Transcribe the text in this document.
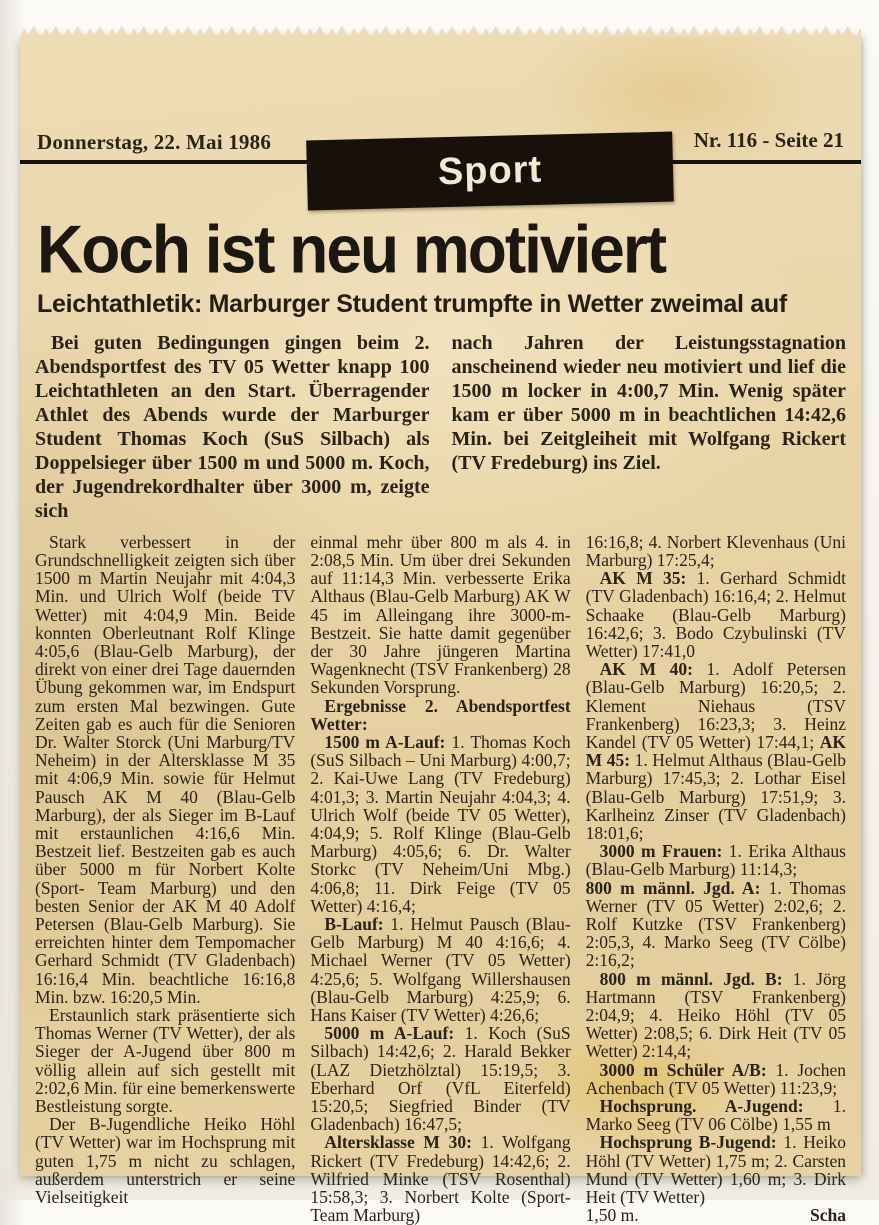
Donnerstag, 22. Mai 1986	Nr. 116 - Seite 21
Sport
Koch ist neu motiviert
Leichtathletik: Marburger Student trumpfte in Wetter zweimal auf

Bei guten Bedingungen gingen beim 2. Abendsportfest des TV 05 Wetter knapp 100 Leichtathleten an den Start. Überragender Athlet des Abends wurde der Marburger Student Thomas Koch (SuS Silbach) als Doppelsieger über 1500 m und 5000 m. Koch, der Jugendrekordhalter über 3000 m, zeigte sich

nach Jahren der Leistungsstagnation anscheinend wieder neu motiviert und lief die 1500 m locker in 4:00,7 Min. Wenig später kam er über 5000 m in beachtlichen 14:42,6 Min. bei Zeitgleiheit mit Wolfgang Rickert (TV Fredeburg) ins Ziel.

Stark verbessert in der Grundschnelligkeit zeigten sich über 1500 m Martin Neujahr mit 4:04,3 Min. und Ulrich Wolf (beide TV Wetter) mit 4:04,9 Min. Beide konnten Oberleutnant Rolf Klinge 4:05,6 (Blau-Gelb Marburg), der direkt von einer drei Tage dauernden Übung gekommen war, im Endspurt zum ersten Mal bezwingen. Gute Zeiten gab es auch für die Senioren Dr. Walter Storck (Uni Marburg/TV Neheim) in der Altersklasse M 35 mit 4:06,9 Min. sowie für Helmut Pausch AK M 40 (Blau-Gelb Marburg), der als Sieger im B-Lauf mit erstaunlichen 4:16,6 Min. Bestzeit lief. Bestzeiten gab es auch über 5000 m für Norbert Kolte (Sport- Team Marburg) und den besten Senior der AK M 40 Adolf Petersen (Blau-Gelb Marburg). Sie erreichten hinter dem Tempomacher Gerhard Schmidt (TV Gladenbach) 16:16,4 Min. beachtliche 16:16,8 Min. bzw. 16:20,5 Min.

Erstaunlich stark präsentierte sich Thomas Werner (TV Wetter), der als Sieger der A-Jugend über 800 m völlig allein auf sich gestellt mit 2:02,6 Min. für eine bemerkenswerte Bestleistung sorgte.

Der B-Jugendliche Heiko Höhl (TV Wetter) war im Hochsprung mit guten 1,75 m nicht zu schlagen, außerdem unterstrich er seine Vielseitigkeit

einmal mehr über 800 m als 4. in 2:08,5 Min. Um über drei Sekunden auf 11:14,3 Min. verbesserte Erika Althaus (Blau-Gelb Marburg) AK W 45 im Alleingang ihre 3000-m-Bestzeit. Sie hatte damit gegenüber der 30 Jahre jüngeren Martina Wagenknecht (TSV Frankenberg) 28 Sekunden Vorsprung.

Ergebnisse 2. Abendsportfest Wetter:

1500 m A-Lauf: 1. Thomas Koch (SuS Silbach – Uni Marburg) 4:00,7; 2. Kai-Uwe Lang (TV Fredeburg) 4:01,3; 3. Martin Neujahr 4:04,3; 4. Ulrich Wolf (beide TV 05 Wetter), 4:04,9; 5. Rolf Klinge (Blau-Gelb Marburg) 4:05,6; 6. Dr. Walter Storkc (TV Neheim/Uni Mbg.) 4:06,8; 11. Dirk Feige (TV 05 Wetter) 4:16,4;

B-Lauf: 1. Helmut Pausch (Blau-Gelb Marburg) M 40 4:16,6; 4. Michael Werner (TV 05 Wetter) 4:25,6; 5. Wolfgang Willershausen (Blau-Gelb Marburg) 4:25,9; 6. Hans Kaiser (TV Wetter) 4:26,6;

5000 m A-Lauf: 1. Koch (SuS Silbach) 14:42,6; 2. Harald Bekker (LAZ Dietzhölztal) 15:19,5; 3. Eberhard Orf (VfL Eiterfeld) 15:20,5; Siegfried Binder (TV Gladenbach) 16:47,5;

Altersklasse M 30: 1. Wolfgang Rickert (TV Fredeburg) 14:42,6; 2. Wilfried Minke (TSV Rosenthal) 15:58,3; 3. Norbert Kolte (Sport-Team Marburg)

16:16,8; 4. Norbert Klevenhaus (Uni Marburg) 17:25,4;

AK M 35: 1. Gerhard Schmidt (TV Gladenbach) 16:16,4; 2. Helmut Schaake (Blau-Gelb Marburg) 16:42,6; 3. Bodo Czybulinski (TV Wetter) 17:41,0

AK M 40: 1. Adolf Petersen (Blau-Gelb Marburg) 16:20,5; 2. Klement Niehaus (TSV Frankenberg) 16:23,3; 3. Heinz Kandel (TV 05 Wetter) 17:44,1; AK M 45: 1. Helmut Althaus (Blau-Gelb Marburg) 17:45,3; 2. Lothar Eisel (Blau-Gelb Marburg) 17:51,9; 3. Karlheinz Zinser (TV Gladenbach) 18:01,6;

3000 m Frauen: 1. Erika Althaus (Blau-Gelb Marburg) 11:14,3;

800 m männl. Jgd. A: 1. Thomas Werner (TV 05 Wetter) 2:02,6; 2. Rolf Kutzke (TSV Frankenberg) 2:05,3, 4. Marko Seeg (TV Cölbe) 2:16,2;

800 m männl. Jgd. B: 1. Jörg Hartmann (TSV Frankenberg) 2:04,9; 4. Heiko Höhl (TV 05 Wetter) 2:08,5; 6. Dirk Heit (TV 05 Wetter) 2:14,4;

3000 m Schüler A/B: 1. Jochen Achenbach (TV 05 Wetter) 11:23,9;

Hochsprung. A-Jugend: 1. Marko Seeg (TV 06 Cölbe) 1,55 m

Hochsprung B-Jugend: 1. Heiko Höhl (TV Wetter) 1,75 m; 2. Carsten Mund (TV Wetter) 1,60 m; 3. Dirk Heit (TV Wetter)

1,50 m.	Scha
